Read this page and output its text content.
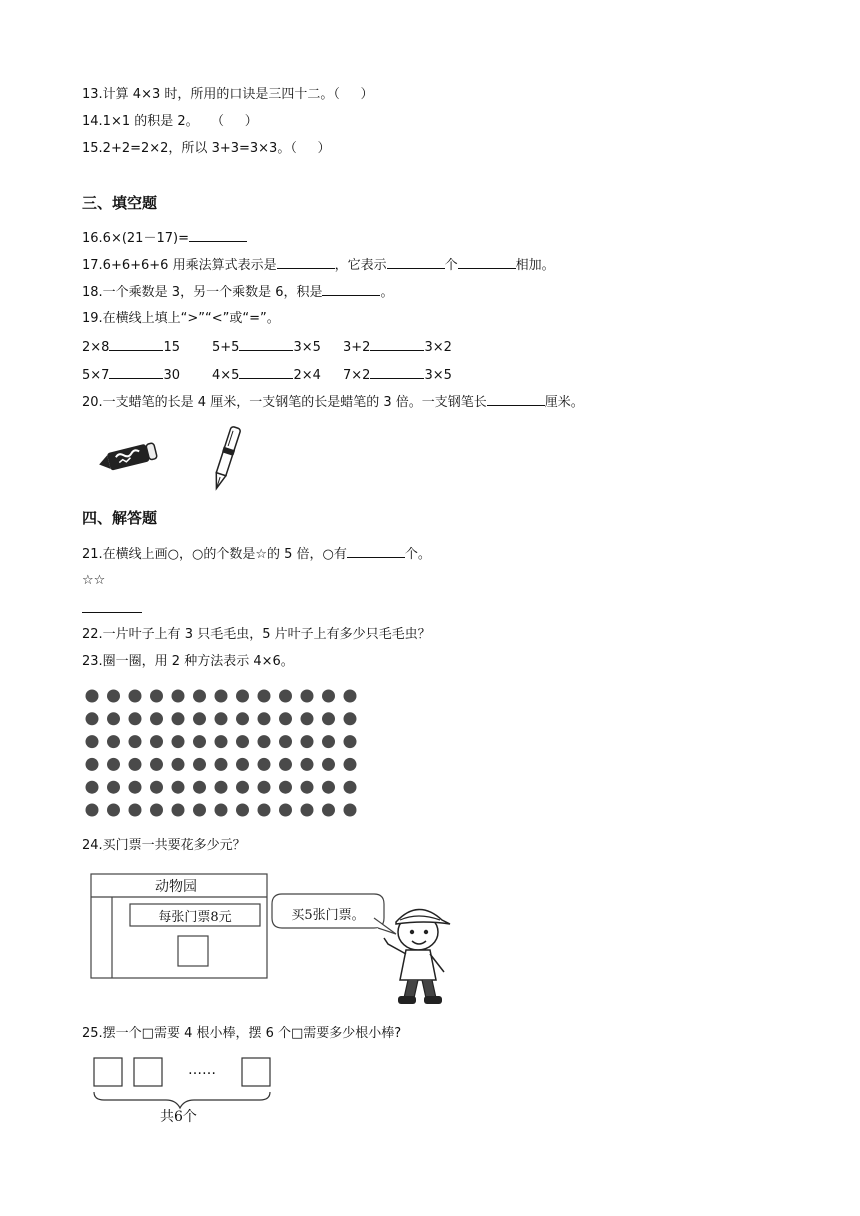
13.计算 4×3 时，所用的口诀是三四十二。（     ）
14.1×1 的积是 2。   （     ）
15.2+2=2×2，所以 3+3=3×3。（     ）
三、填空题
16.6×(21－17)=
17.6+6+6+6 用乘法算式表示是	，它表示	个	相加。
18.一个乘数是 3，另一个乘数是 6，积是	。
19.在横线上填上“>”“<”或“=”。
2×8	15 5+5	3×5 3+2	3×2
5×7	30 4×5	2×4 7×2	3×5
20.一支蜡笔的长是 4 厘米，一支钢笔的长是蜡笔的 3 倍。一支钢笔长	厘米。
四、解答题
21.在横线上画○，○的个数是☆的 5 倍，○有	个。
☆☆
22.一片叶子上有 3 只毛毛虫，5 片叶子上有多少只毛毛虫？
23.圈一圈，用 2 种方法表示 4×6。
24.买门票一共要花多少元？
动物园
每张门票8元	买5张门票。
25.摆一个□需要 4 根小棒，摆 6 个□需要多少根小棒?
……
共6个
